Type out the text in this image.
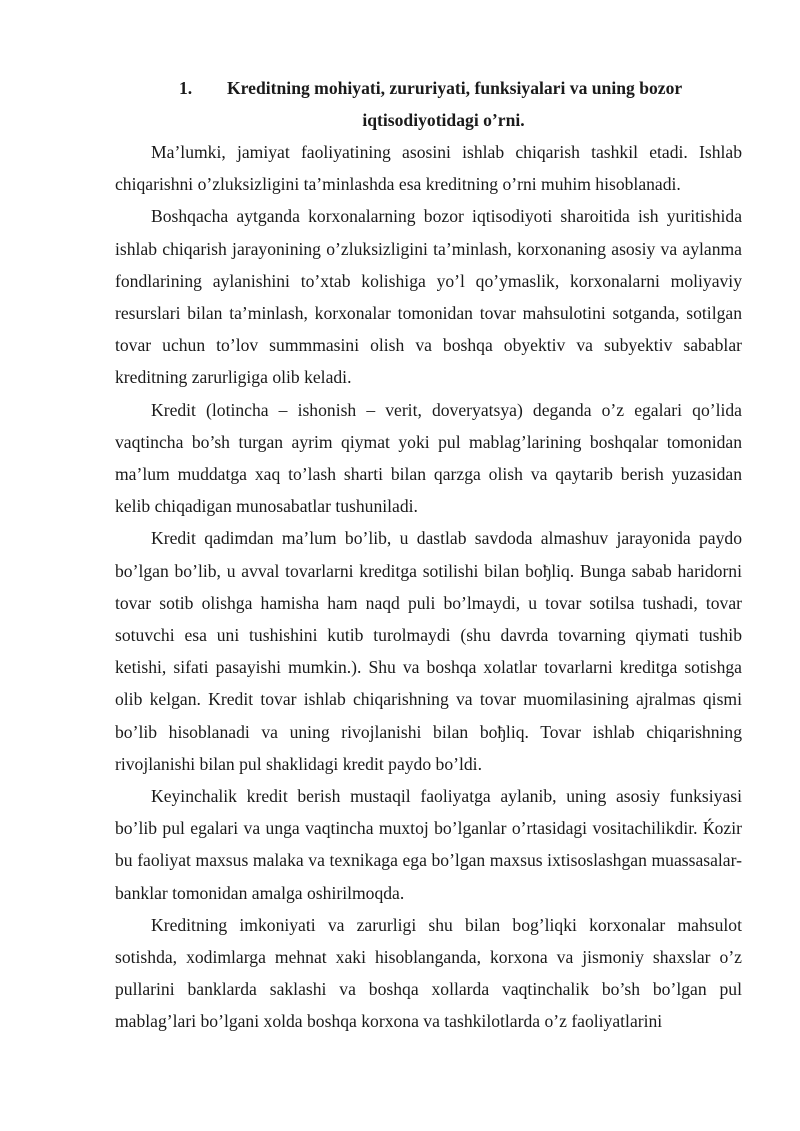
1. Kreditning mohiyati, zururiyati, funksiyalari va uning bozor
iqtisodiyotidagi o’rni.

Ma’lumki, jamiyat faoliyatining asosini ishlab chiqarish tashkil etadi. Ishlab chiqarishni o’zluksizligini ta’minlashda esa kreditning o’rni muhim hisoblanadi.

Boshqacha aytganda korxonalarning bozor iqtisodiyoti sharoitida ish yuritishida ishlab chiqarish jarayonining o’zluksizligini ta’minlash, korxonaning asosiy va aylanma fondlarining aylanishini to’xtab kolishiga yo’l qo’ymaslik, korxonalarni moliyaviy resurslari bilan ta’minlash, korxonalar tomonidan tovar mahsulotini sotganda, sotilgan tovar uchun to’lov summmasini olish va boshqa obyektiv va subyektiv sabablar kreditning zarurligiga olib keladi.

Kredit (lotincha – ishonish – verit, doveryatsya) deganda o’z egalari qo’lida vaqtincha bo’sh turgan ayrim qiymat yoki pul mablag’larining boshqalar tomonidan ma’lum muddatga xaq to’lash sharti bilan qarzga olish va qaytarib berish yuzasidan kelib chiqadigan munosabatlar tushuniladi.

Kredit qadimdan ma’lum bo’lib, u dastlab savdoda almashuv jarayonida paydo bo’lgan bo’lib, u avval tovarlarni kreditga sotilishi bilan boђliq. Bunga sabab haridorni tovar sotib olishga hamisha ham naqd puli bo’lmaydi, u tovar sotilsa tushadi, tovar sotuvchi esa uni tushishini kutib turolmaydi (shu davrda tovarning qiymati tushib ketishi, sifati pasayishi mumkin.). Shu va boshqa xolatlar tovarlarni kreditga sotishga olib kelgan. Kredit tovar ishlab chiqarishning va tovar muomilasining ajralmas qismi bo’lib hisoblanadi va uning rivojlanishi bilan boђliq. Tovar ishlab chiqarishning rivojlanishi bilan pul shaklidagi kredit paydo bo’ldi.

Keyinchalik kredit berish mustaqil faoliyatga aylanib, uning asosiy funksiyasi bo’lib pul egalari va unga vaqtincha muxtoj bo’lganlar o’rtasidagi vositachilikdir. Ќozir bu faoliyat maxsus malaka va texnikaga ega bo’lgan maxsus ixtisoslashgan muassasalar-banklar tomonidan amalga oshirilmoqda.

Kreditning imkoniyati va zarurligi shu bilan bog’liqki korxonalar mahsulot sotishda, xodimlarga mehnat xaki hisoblanganda, korxona va jismoniy shaxslar o’z pullarini banklarda saklashi va boshqa xollarda vaqtinchalik bo’sh bo’lgan pul mablag’lari bo’lgani xolda boshqa korxona va tashkilotlarda o’z faoliyatlarini
